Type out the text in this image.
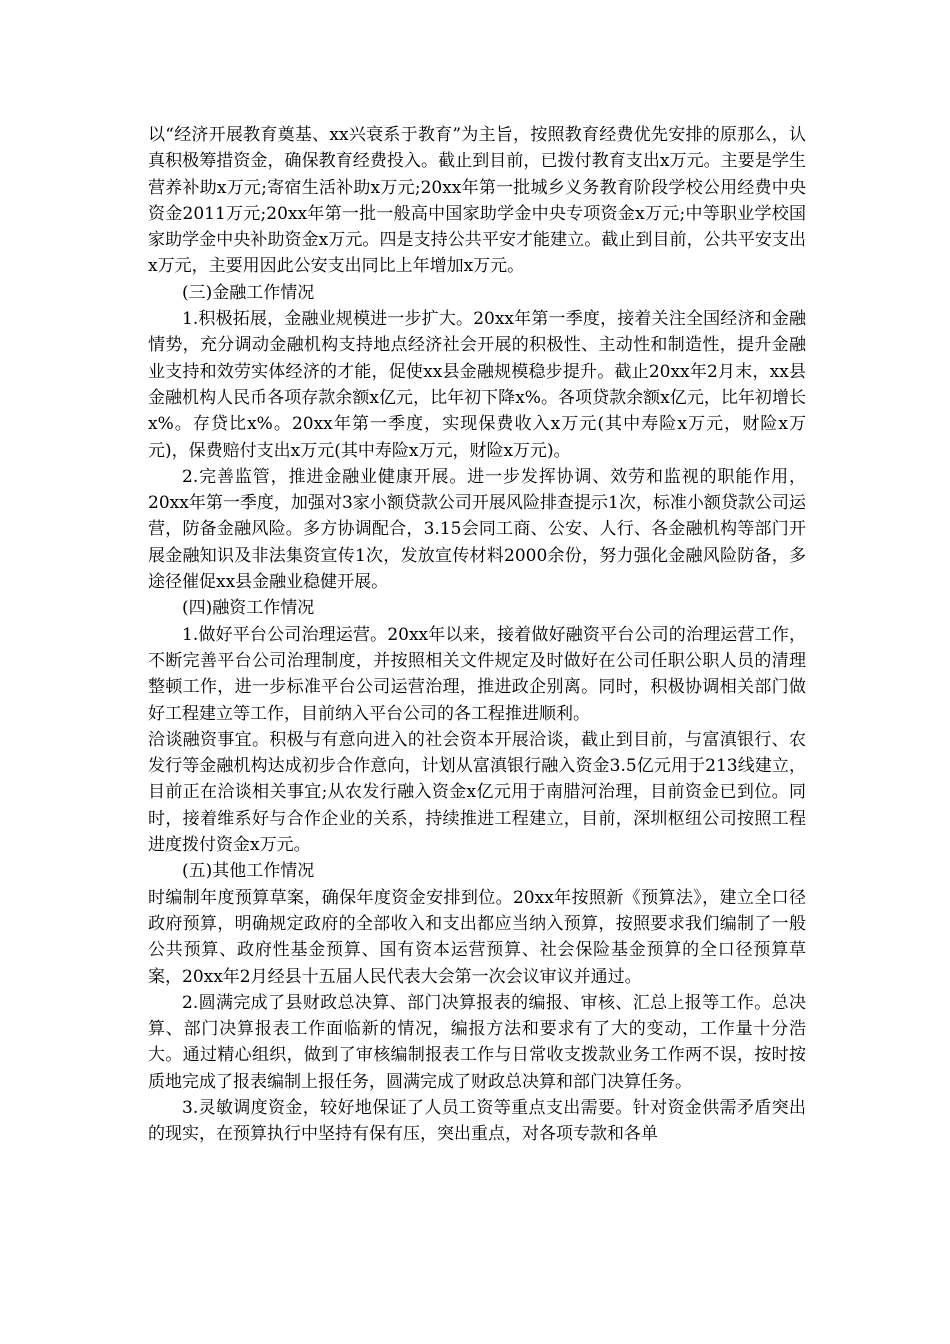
以“经济开展教育奠基、xx兴衰系于教育”为主旨，按照教育经费优先安排的原那么，认真积极筹措资金，确保教育经费投入。截止到目前，已拨付教育支出x万元。主要是学生营养补助x万元;寄宿生活补助x万元;20xx年第一批城乡义务教育阶段学校公用经费中央资金2011万元;20xx年第一批一般高中国家助学金中央专项资金x万元;中等职业学校国家助学金中央补助资金x万元。四是支持公共平安才能建立。截止到目前，公共平安支出x万元，主要用因此公安支出同比上年增加x万元。

(三)金融工作情况

1.积极拓展，金融业规模进一步扩大。20xx年第一季度，接着关注全国经济和金融情势，充分调动金融机构支持地点经济社会开展的积极性、主动性和制造性，提升金融业支持和效劳实体经济的才能，促使xx县金融规模稳步提升。截止20xx年2月末，xx县金融机构人民币各项存款余额x亿元，比年初下降x%。各项贷款余额x亿元，比年初增长x%。存贷比x%。20xx年第一季度，实现保费收入x万元(其中寿险x万元，财险x万元)，保费赔付支出x万元(其中寿险x万元，财险x万元)。

2.完善监管，推进金融业健康开展。进一步发挥协调、效劳和监视的职能作用，20xx年第一季度，加强对3家小额贷款公司开展风险排查提示1次，标准小额贷款公司运营，防备金融风险。多方协调配合，3.15会同工商、公安、人行、各金融机构等部门开展金融知识及非法集资宣传1次，发放宣传材料2000余份，努力强化金融风险防备，多途径催促xx县金融业稳健开展。

(四)融资工作情况

1.做好平台公司治理运营。20xx年以来，接着做好融资平台公司的治理运营工作，不断完善平台公司治理制度，并按照相关文件规定及时做好在公司任职公职人员的清理整顿工作，进一步标准平台公司运营治理，推进政企别离。同时，积极协调相关部门做好工程建立等工作，目前纳入平台公司的各工程推进顺利。

洽谈融资事宜。积极与有意向进入的社会资本开展洽谈，截止到目前，与富滇银行、农发行等金融机构达成初步合作意向，计划从富滇银行融入资金3.5亿元用于213线建立，目前正在洽谈相关事宜;从农发行融入资金x亿元用于南腊河治理，目前资金已到位。同时，接着维系好与合作企业的关系，持续推进工程建立，目前，深圳枢纽公司按照工程进度拨付资金x万元。

(五)其他工作情况

时编制年度预算草案，确保年度资金安排到位。20xx年按照新《预算法》，建立全口径政府预算，明确规定政府的全部收入和支出都应当纳入预算，按照要求我们编制了一般公共预算、政府性基金预算、国有资本运营预算、社会保险基金预算的全口径预算草案，20xx年2月经县十五届人民代表大会第一次会议审议并通过。

2.圆满完成了县财政总决算、部门决算报表的编报、审核、汇总上报等工作。总决算、部门决算报表工作面临新的情况，编报方法和要求有了大的变动，工作量十分浩大。通过精心组织，做到了审核编制报表工作与日常收支拨款业务工作两不误，按时按质地完成了报表编制上报任务，圆满完成了财政总决算和部门决算任务。

3.灵敏调度资金，较好地保证了人员工资等重点支出需要。针对资金供需矛盾突出的现实，在预算执行中坚持有保有压，突出重点，对各项专款和各单
